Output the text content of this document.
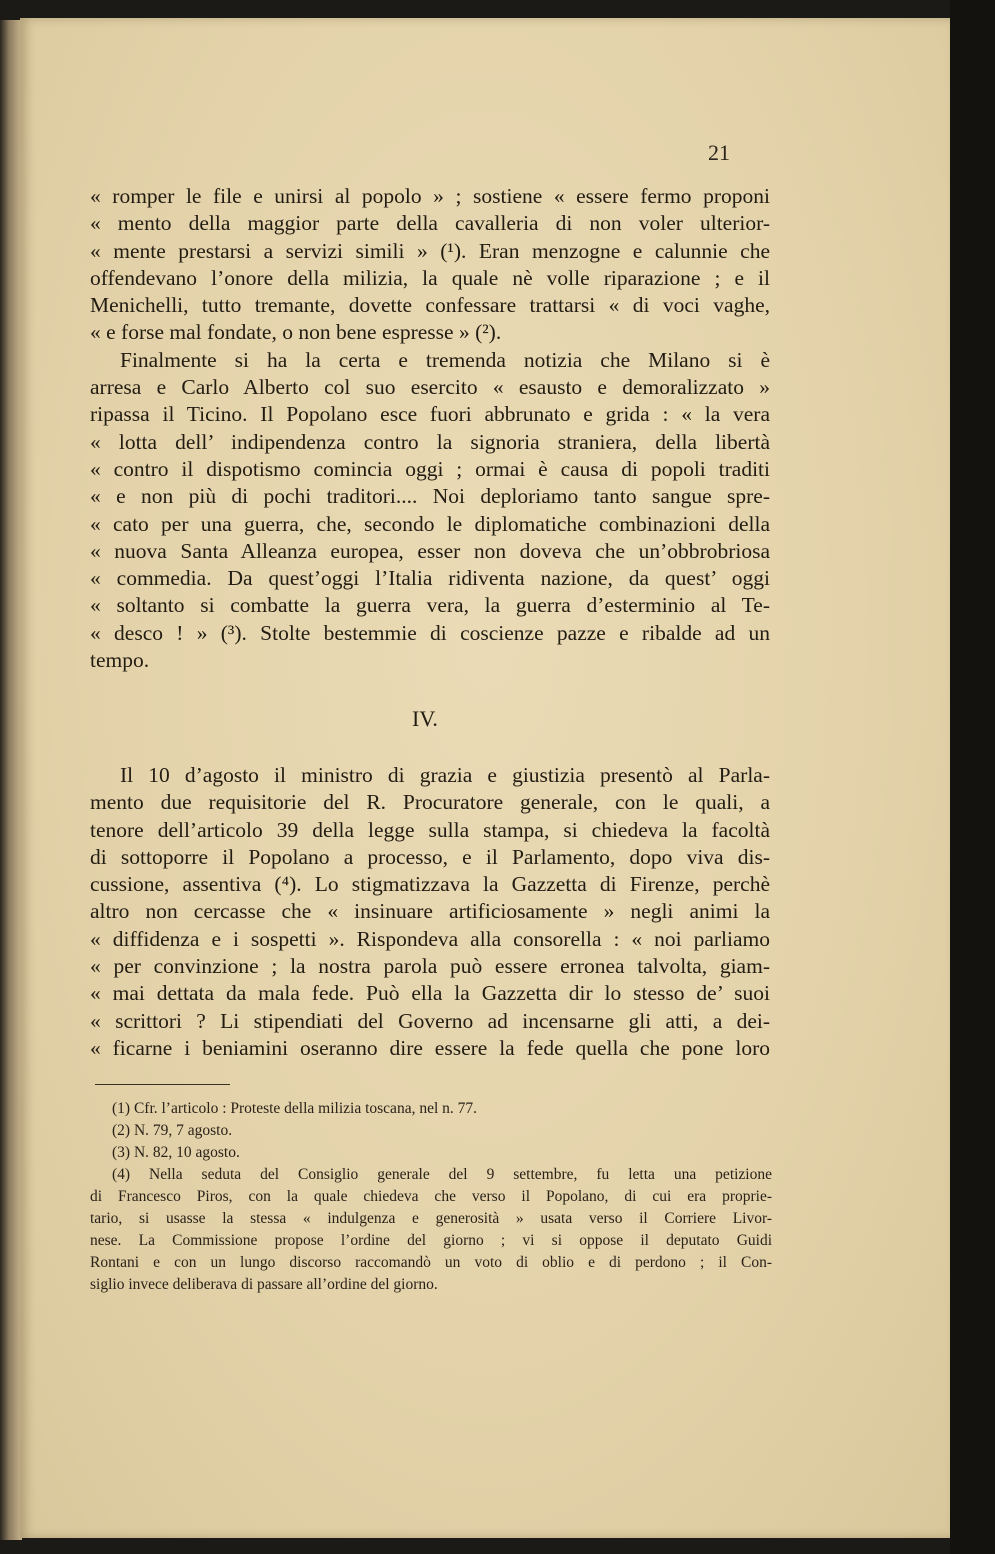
21
« romper le file e unirsi al popolo » ; sostiene « essere fermo proponi
« mento della maggior parte della cavalleria di non voler ulterior-
« mente prestarsi a servizi simili » (¹). Eran menzogne e calunnie che
offendevano l’onore della milizia, la quale nè volle riparazione ; e il
Menichelli, tutto tremante, dovette confessare trattarsi « di voci vaghe,
« e forse mal fondate, o non bene espresse » (²).
Finalmente si ha la certa e tremenda notizia che Milano si è
arresa e Carlo Alberto col suo esercito « esausto e demoralizzato »
ripassa il Ticino. Il Popolano esce fuori abbrunato e grida : « la vera
« lotta dell’ indipendenza contro la signoria straniera, della libertà
« contro il dispotismo comincia oggi ; ormai è causa di popoli traditi
« e non più di pochi traditori.... Noi deploriamo tanto sangue spre-
« cato per una guerra, che, secondo le diplomatiche combinazioni della
« nuova Santa Alleanza europea, esser non doveva che un’obbrobriosa
« commedia. Da quest’oggi l’Italia ridiventa nazione, da quest’ oggi
« soltanto si combatte la guerra vera, la guerra d’esterminio al Te-
« desco ! » (³). Stolte bestemmie di coscienze pazze e ribalde ad un
tempo.
IV.
Il 10 d’agosto il ministro di grazia e giustizia presentò al Parla-
mento due requisitorie del R. Procuratore generale, con le quali, a
tenore dell’articolo 39 della legge sulla stampa, si chiedeva la facoltà
di sottoporre il Popolano a processo, e il Parlamento, dopo viva dis-
cussione, assentiva (⁴). Lo stigmatizzava la Gazzetta di Firenze, perchè
altro non cercasse che « insinuare artificiosamente » negli animi la
« diffidenza e i sospetti ». Rispondeva alla consorella : « noi parliamo
« per convinzione ; la nostra parola può essere erronea talvolta, giam-
« mai dettata da mala fede. Può ella la Gazzetta dir lo stesso de’ suoi
« scrittori ? Li stipendiati del Governo ad incensarne gli atti, a dei-
« ficarne i beniamini oseranno dire essere la fede quella che pone loro
(1) Cfr. l’articolo : Proteste della milizia toscana, nel n. 77.
(2) N. 79, 7 agosto.
(3) N. 82, 10 agosto.
(4) Nella seduta del Consiglio generale del 9 settembre, fu letta una petizione
di Francesco Piros, con la quale chiedeva che verso il Popolano, di cui era proprie-
tario, si usasse la stessa « indulgenza e generosità » usata verso il Corriere Livor-
nese. La Commissione propose l’ordine del giorno ; vi si oppose il deputato Guidi
Rontani e con un lungo discorso raccomandò un voto di oblio e di perdono ; il Con-
siglio invece deliberava di passare all’ordine del giorno.
